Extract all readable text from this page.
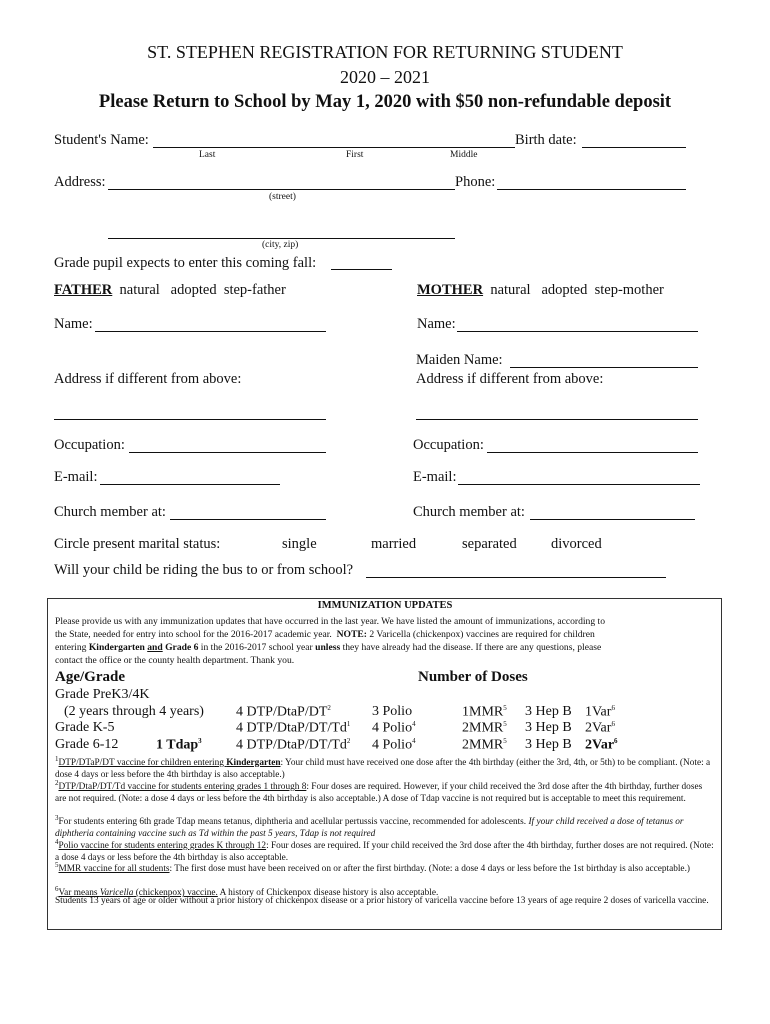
ST. STEPHEN REGISTRATION FOR RETURNING STUDENT
2020 – 2021
Please Return to School by May 1, 2020 with $50 non-refundable deposit
Student's Name:	Birth date:
Last	First	Middle
Address:	Phone:
(street)
(city, zip)
Grade pupil expects to enter this coming fall:
FATHER natural   adopted  step-father	MOTHER natural   adopted  step-mother
Name:	Name:
Maiden Name:
Address if different from above:	Address if different from above:
Occupation:	Occupation:
E-mail:	E-mail:
Church member at:	Church member at:
Circle present marital status:	single	married	separated divorced
Will your child be riding the bus to or from school?
IMMUNIZATION UPDATES
Please provide us with any immunization updates that have occurred in the last year. We have listed the amount of immunizations, according to
the State, needed for entry into school for the 2016-2017 academic year.  NOTE: 2 Varicella (chickenpox) vaccines are required for children
entering Kindergarten and Grade 6 in the 2016-2017 school year unless they have already had the disease. If there are any questions, please
contact the office or the county health department. Thank you.
Age/Grade	Number of Doses
Grade PreK3/4K
(2 years through 4 years) 4 DTP/$DtaP/DT^2$	3 Polio	1MMR$^5$ 3 Hep B 1Var$^6$
Grade K-5	4 DTP/DtaP/DT/Td$^1$ 4 Polio$^4$	2MMR$^5$ 3 Hep B 2Var$^6$
Grade 6-12	1 Tdap$^3$ 4 DTP/DtaP/DT/Td$^2$ 4 Polio$^4$	2MMR$^5$ 3 Hep B 2Var$^6$
$^1$DTP/DTaP/DT vaccine for children entering Kindergarten: Your child must have received one dose after the 4th birthday (either the 3rd, 4th, or 5th) to be compliant. (Note: a dose 4 days or less before the 4th birthday is also acceptable.)
$^2$DTP/DtaP/DT/Td vaccine for students entering grades 1 through 8: Four doses are required. However, if your child received the 3rd dose after the 4th birthday, further doses are not required. (Note: a dose 4 days or less before the 4th birthday is also acceptable.) A dose of Tdap vaccine is not required but is acceptable to meet this requirement.
$^3$For students entering 6th grade Tdap means tetanus, diphtheria and acellular pertussis vaccine, recommended for adolescents. If your child received a dose of tetanus or diphtheria containing vaccine such as Td within the past 5 years, Tdap is not required
$^4$Polio vaccine for students entering grades K through 12: Four doses are required. If your child received the 3rd dose after the 4th birthday, further doses are not required. (Note: a dose 4 days or less before the 4th birthday is also acceptable.
$^5$MMR vaccine for all students: The first dose must have been received on or after the first birthday. (Note: a dose 4 days or less before the 1st birthday is also acceptable.)
$^6$Var means Varicella (chickenpox) vaccine. A history of Chickenpox disease history is also acceptable.
Students 13 years of age or older without a prior history of chickenpox disease or a prior history of varicella vaccine before 13 years of age require 2 doses of varicella vaccine.
